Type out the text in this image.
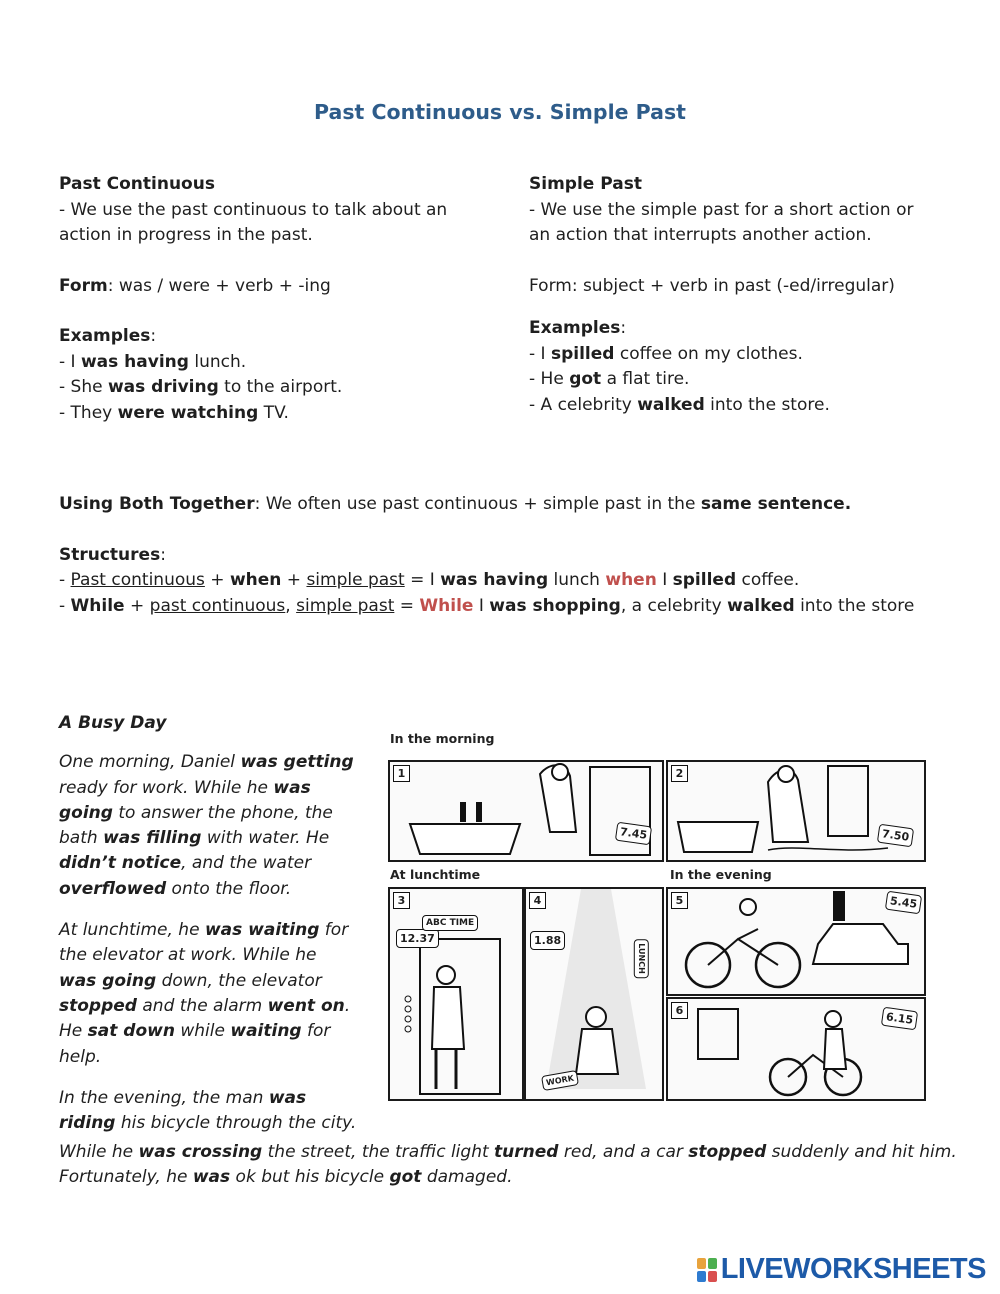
Past Continuous vs. Simple Past

Past Continuous

- We use the past continuous to talk about an action in progress in the past.

Form: was / were + verb + -ing

Examples:

- I was having lunch.

- She was driving to the airport.

- They were watching TV.

Simple Past

- We use the simple past for a short action or an action that interrupts another action.

Form: subject + verb in past (-ed/irregular)

Examples:

- I spilled coffee on my clothes.

- He got a flat tire.

- A celebrity walked into the store.

Using Both Together: We often use past continuous + simple past in the same sentence.

Structures:

- Past continuous + when + simple past = I was having lunch when I spilled coffee.

- While + past continuous, simple past = While I was shopping, a celebrity walked into the store

A Busy Day

One morning, Daniel was getting ready for work. While he was going to answer the phone, the bath was filling with water. He didn’t notice, and the water overflowed onto the floor.

At lunchtime, he was waiting for the elevator at work. While he was going down, the elevator stopped and the alarm went on. He sat down while waiting for help.

In the evening, the man was riding his bicycle through the city.

While he was crossing the street, the traffic light turned red, and a car stopped suddenly and hit him. Fortunately, he was ok but his bicycle got damaged.
In the morning
1
7.45
2
7.50
At lunchtime	In the evening
3
12.37
ABC TIME
4
1.88
LUNCH
WORK
5	5.45
6	6.15
LIVEWORKSHEETS
